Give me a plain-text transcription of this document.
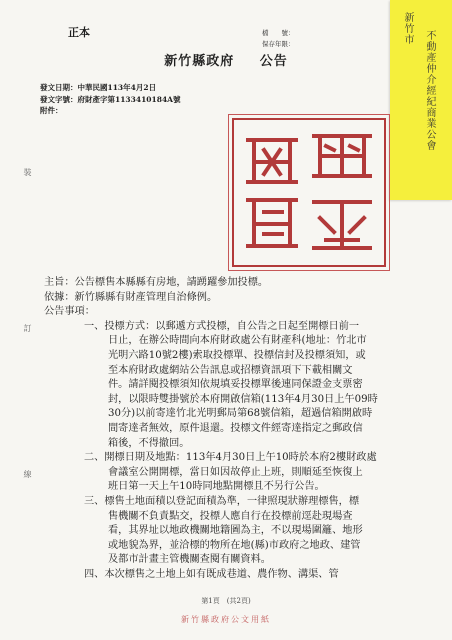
正本	檔　　號：
保存年限：	新竹市
不動產仲介經紀商業公會
新竹縣政府 公告
發文日期：中華民國113年4月2日
發文字號：府財產字第1133410184A號
附件：
裝
訂
線
主旨：公告標售本縣縣有房地，請踴躍參加投標。
依據：新竹縣縣有財產管理自治條例。
公告事項：
一、投標方式：以郵遞方式投標，自公告之日起至開標日前一
日止，在辦公時間向本府財政處公有財產科(地址：竹北市
光明六路10號2樓)索取投標單、投標信封及投標須知，或
至本府財政處網站公告訊息或招標資訊項下下載相關文
件。請詳閱投標須知依規填妥投標單後連同保證金支票密
封，以限時雙掛號於本府開啟信箱(113年4月30日上午09時
30分)以前寄達竹北光明郵局第68號信箱，超過信箱開啟時
間寄達者無效，原件退還。投標文件經寄達指定之郵政信
箱後，不得撤回。
二、開標日期及地點：113年4月30日上午10時於本府2樓財政處
會議室公開開標，當日如因故停止上班，則順延至恢復上
班日第一天上午10時同地點開標且不另行公告。
三、標售土地面積以登記面積為準，一律照現狀辦理標售，標
售機關不負責點交，投標人應自行在投標前逕赴現場查
看，其界址以地政機關地籍圖為主，不以現場圍籬、地形
或地貌為界，並洽標的物所在地(縣)市政府之地政、建管
及都市計畫主管機關查閱有關資料。
四、本次標售之土地上如有既成巷道、農作物、溝渠、管
第1頁　(共2頁)
新竹縣政府公文用紙
